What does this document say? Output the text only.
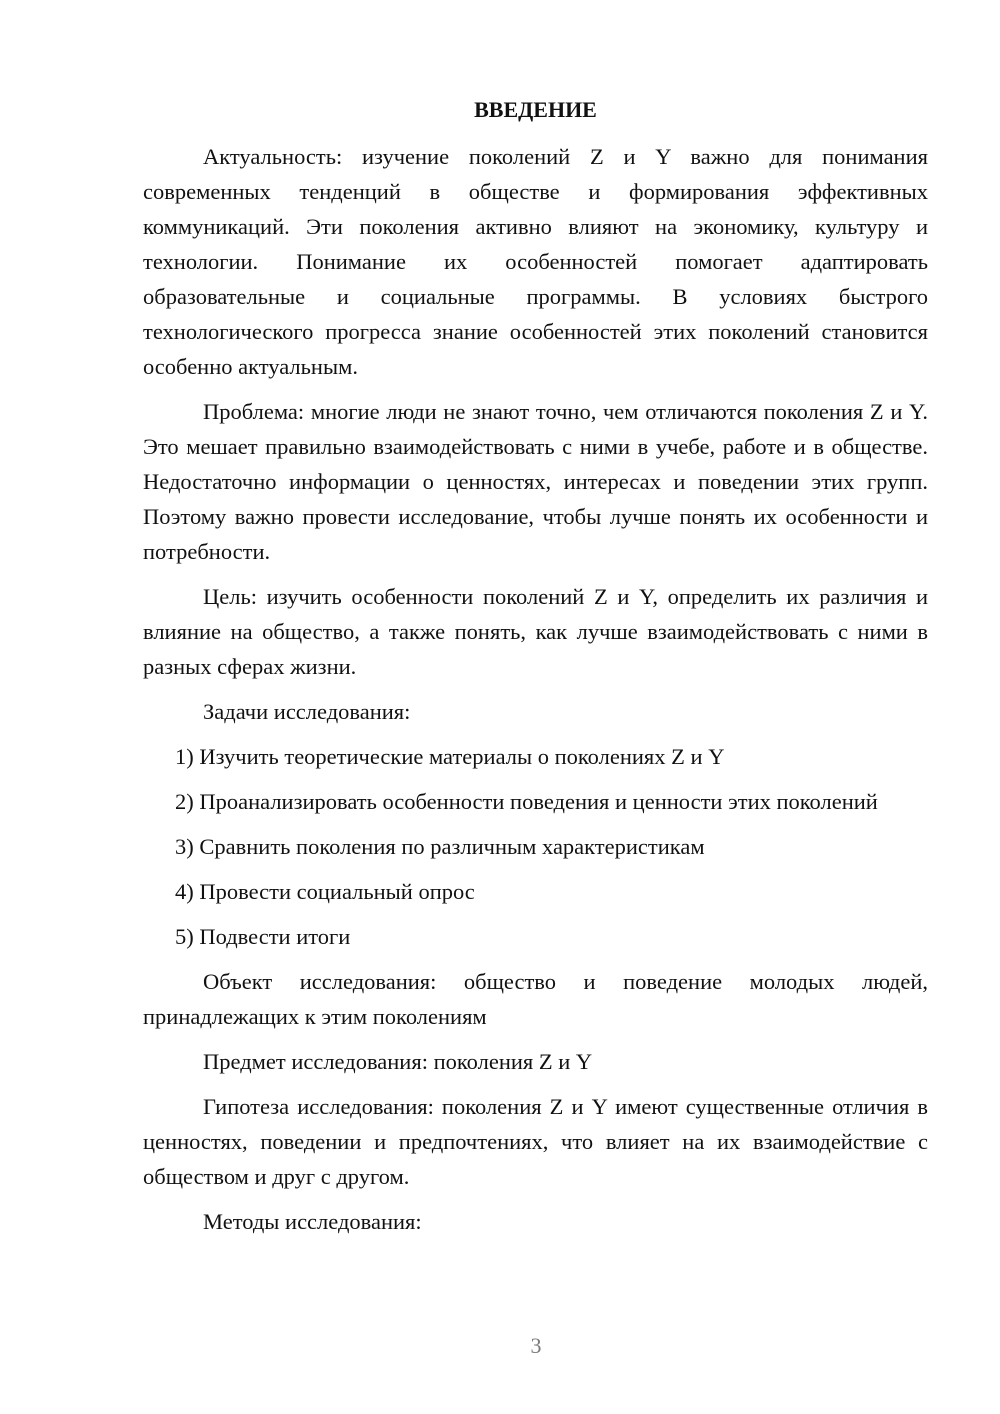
ВВЕДЕНИЕ

Актуальность: изучение поколений Z и Y важно для понимания современных тенденций в обществе и формирования эффективных коммуникаций. Эти поколения активно влияют на экономику, культуру и технологии. Понимание их особенностей помогает адаптировать образовательные и социальные программы. В условиях быстрого технологического прогресса знание особенностей этих поколений становится особенно актуальным.

Проблема: многие люди не знают точно, чем отличаются поколения Z и Y. Это мешает правильно взаимодействовать с ними в учебе, работе и в обществе. Недостаточно информации о ценностях, интересах и поведении этих групп. Поэтому важно провести исследование, чтобы лучше понять их особенности и потребности.

Цель: изучить особенности поколений Z и Y, определить их различия и влияние на общество, а также понять, как лучше взаимодействовать с ними в разных сферах жизни.

Задачи исследования:

1) Изучить теоретические материалы о поколениях Z и Y

2) Проанализировать особенности поведения и ценности этих поколений

3) Сравнить поколения по различным характеристикам

4) Провести социальный опрос

5) Подвести итоги

Объект исследования: общество и поведение молодых людей, принадлежащих к этим поколениям

Предмет исследования: поколения Z и Y

Гипотеза исследования: поколения Z и Y имеют существенные отличия в ценностях, поведении и предпочтениях, что влияет на их взаимодействие с обществом и друг с другом.

Методы исследования:

3
